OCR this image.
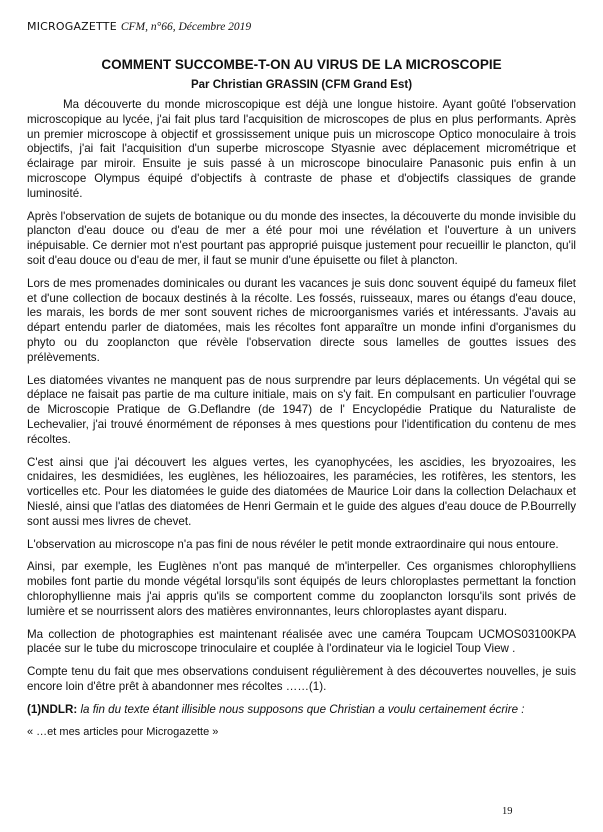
MICROGAZETTE CFM, n°66, Décembre 2019
COMMENT SUCCOMBE-T-ON AU VIRUS DE LA MICROSCOPIE
Par Christian GRASSIN (CFM Grand Est)

Ma découverte du monde microscopique est déjà une longue histoire. Ayant goûté l'observation microscopique au lycée, j'ai fait plus tard l'acquisition de microscopes de plus en plus performants. Après un premier microscope à objectif et grossissement unique puis un microscope Optico monoculaire à trois objectifs, j'ai fait l'acquisition d'un superbe microscope Styasnie avec déplacement micrométrique et éclairage par miroir. Ensuite je suis passé à un microscope binoculaire Panasonic puis enfin à un microscope Olympus équipé d'objectifs à contraste de phase et d'objectifs classiques de grande luminosité.

Après l'observation de sujets de botanique ou du monde des insectes, la découverte du monde invisible du plancton d'eau douce ou d'eau de mer a été pour moi une révélation et l'ouverture à un univers inépuisable. Ce dernier mot n'est pourtant pas approprié puisque justement pour recueillir le plancton, qu'il soit d'eau douce ou d'eau de mer, il faut se munir d'une épuisette ou filet à plancton.

Lors de mes promenades dominicales ou durant les vacances je suis donc souvent équipé du fameux filet et d'une collection de bocaux destinés à la récolte. Les fossés, ruisseaux, mares ou étangs d'eau douce, les marais, les bords de mer sont souvent riches de microorganismes variés et intéressants. J'avais au départ entendu parler de diatomées, mais les récoltes font apparaître un monde infini d'organismes du phyto ou du zooplancton que révèle l'observation directe sous lamelles de gouttes issues des prélèvements.

Les diatomées vivantes ne manquent pas de nous surprendre par leurs déplacements. Un végétal qui se déplace ne faisait pas partie de ma culture initiale, mais on s'y fait. En compulsant en particulier l'ouvrage de Microscopie Pratique de G.Deflandre (de 1947) de l' Encyclopédie Pratique du Naturaliste de Lechevalier, j'ai trouvé énormément de réponses à mes questions pour l'identification du contenu de mes récoltes.

C'est ainsi que j'ai découvert les algues vertes, les cyanophycées, les ascidies, les bryozoaires, les cnidaires, les desmidiées, les euglènes, les héliozoaires, les paramécies, les rotifères, les stentors, les vorticelles etc. Pour les diatomées le guide des diatomées de Maurice Loir dans la collection Delachaux et Nieslé, ainsi que l'atlas des diatomées de Henri Germain et le guide des algues d'eau douce de P.Bourrelly sont aussi mes livres de chevet.

L'observation au microscope n'a pas fini de nous révéler le petit monde extraordinaire qui nous entoure.

Ainsi, par exemple, les Euglènes n'ont pas manqué de m'interpeller. Ces organismes chlorophylliens mobiles font partie du monde végétal lorsqu'ils sont équipés de leurs chloroplastes permettant la fonction chlorophyllienne mais j'ai appris qu'ils se comportent comme du zooplancton lorsqu'ils sont privés de lumière et se nourrissent alors des matières environnantes, leurs chloroplastes ayant disparu.

Ma collection de photographies est maintenant réalisée avec une caméra Toupcam UCMOS03100KPA placée sur le tube du microscope trinoculaire et couplée à l'ordinateur via le logiciel Toup View .

Compte tenu du fait que mes observations conduisent régulièrement à des découvertes nouvelles, je suis encore loin d'être prêt à abandonner mes récoltes ……(1).

(1)NDLR: la fin du texte étant illisible nous supposons que Christian a voulu certainement écrire :
« …et mes articles pour Microgazette »
19
